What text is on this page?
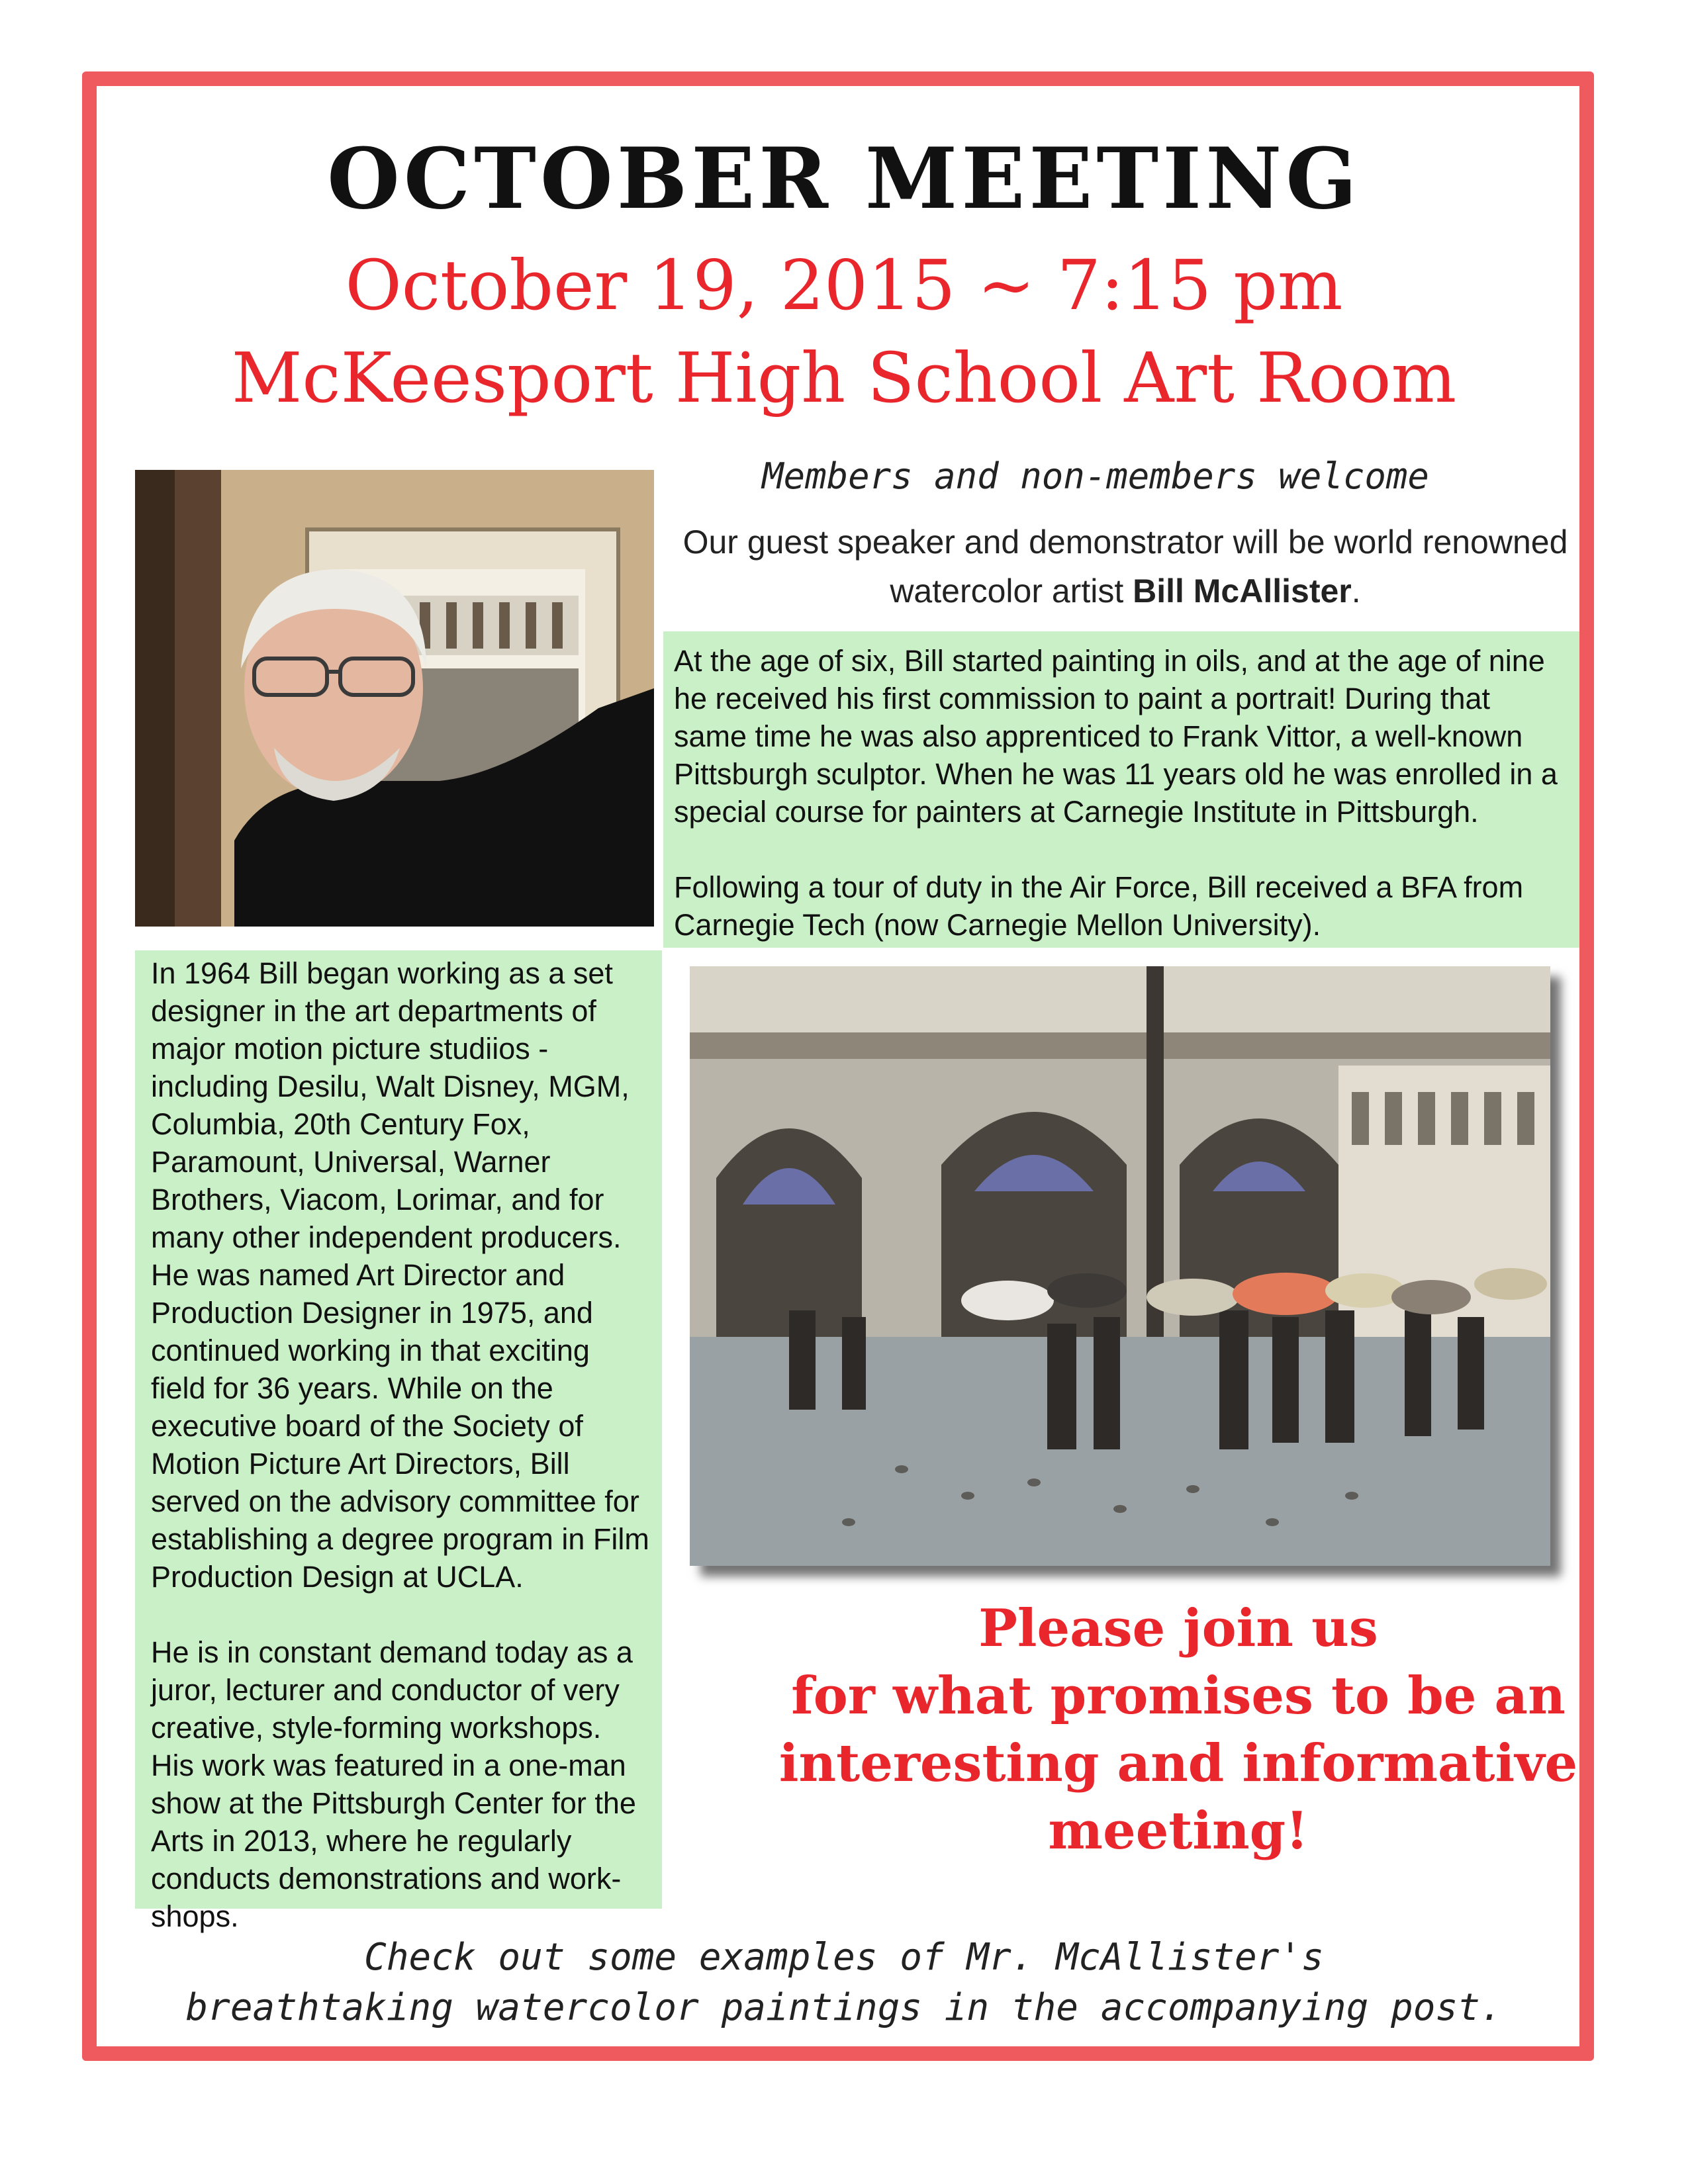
OCTOBER MEETING
October 19, 2015 ~ 7:15 pm
McKeesport High School Art Room
Members and non-members welcome
Our guest speaker and demonstrator will be world renowned watercolor artist Bill McAllister.

At the age of six, Bill started painting in oils, and at the age of nine he received his first commission to paint a portrait! During that same time he was also apprenticed to Frank Vittor, a well-known Pittsburgh sculptor. When he was 11 years old he was enrolled in a special course for painters at Carnegie Institute in Pittsburgh.

Following a tour of duty in the Air Force, Bill received a BFA from Carnegie Tech (now Carnegie Mellon University).

In 1964 Bill began working as a set designer in the art departments of major motion picture studiios - including Desilu, Walt Disney, MGM, Columbia, 20th Century Fox, Paramount, Universal, Warner Brothers, Viacom, Lorimar, and for many other independent producers. He was named Art Director and Production Designer in 1975, and continued working in that exciting field for 36 years. While on the executive board of the Society of Motion Picture Art Directors, Bill served on the advisory committee for establishing a degree program in Film Production Design at UCLA.

He is in constant demand today as a juror, lecturer and conductor of very creative, style-forming workshops. His work was featured in a one-man show at the Pittsburgh Center for the Arts in 2013, where he regularly conducts demonstrations and work-shops.

Please join us
for what promises to be an
interesting and informative
meeting!
Check out some examples of Mr. McAllister's
breathtaking watercolor paintings in the accompanying post.
